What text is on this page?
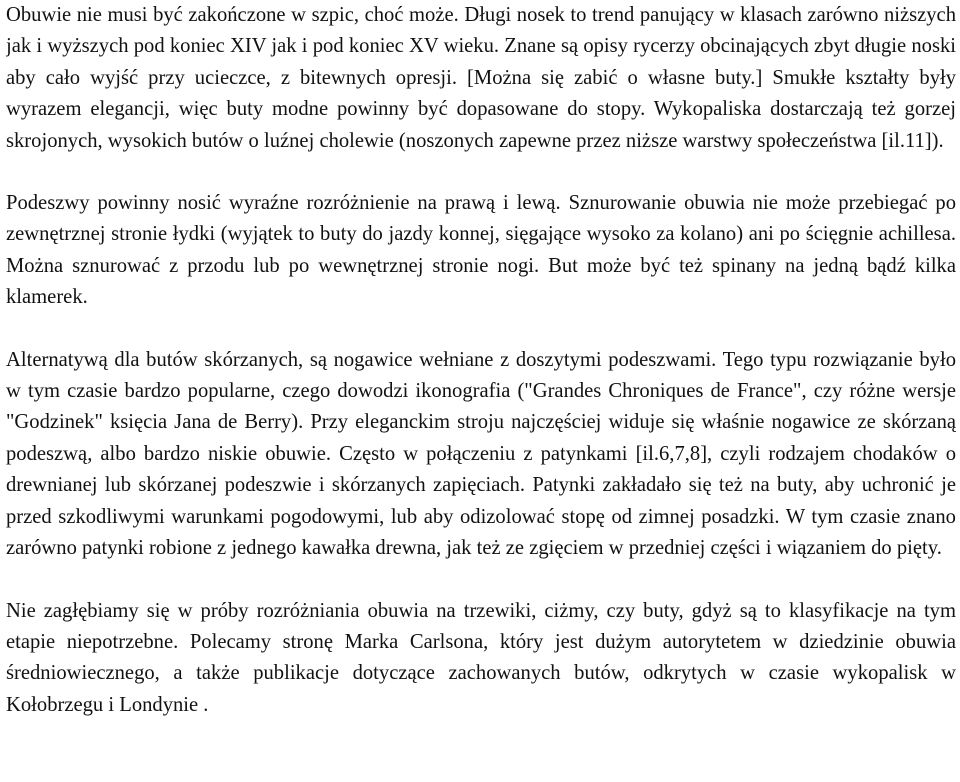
Obuwie nie musi być zakończone w szpic, choć może. Długi nosek to trend panujący w klasach zarówno niższych jak i wyższych pod koniec XIV jak i pod koniec XV wieku. Znane są opisy rycerzy obcinających zbyt długie noski aby cało wyjść przy ucieczce, z bitewnych opresji. [Można się zabić o własne buty.] Smukłe kształty były wyrazem elegancji, więc buty modne powinny być dopasowane do stopy. Wykopaliska dostarczają też gorzej skrojonych, wysokich butów o luźnej cholewie (noszonych zapewne przez niższe warstwy społeczeństwa [il.11]).

Podeszwy powinny nosić wyraźne rozróżnienie na prawą i lewą. Sznurowanie obuwia nie może przebiegać po zewnętrznej stronie łydki (wyjątek to buty do jazdy konnej, sięgające wysoko za kolano) ani po ścięgnie achillesa. Można sznurować z przodu lub po wewnętrznej stronie nogi. But może być też spinany na jedną bądź kilka klamerek.

Alternatywą dla butów skórzanych, są nogawice wełniane z doszytymi podeszwami. Tego typu rozwiązanie było w tym czasie bardzo popularne, czego dowodzi ikonografia ("Grandes Chroniques de France", czy różne wersje "Godzinek" księcia Jana de Berry). Przy eleganckim stroju najczęściej widuje się właśnie nogawice ze skórzaną podeszwą, albo bardzo niskie obuwie. Często w połączeniu z patynkami [il.6,7,8], czyli rodzajem chodaków o drewnianej lub skórzanej podeszwie i skórzanych zapięciach. Patynki zakładało się też na buty, aby uchronić je przed szkodliwymi warunkami pogodowymi, lub aby odizolować stopę od zimnej posadzki. W tym czasie znano zarówno patynki robione z jednego kawałka drewna, jak też ze zgięciem w przedniej części i wiązaniem do pięty.

Nie zagłębiamy się w próby rozróżniania obuwia na trzewiki, ciżmy, czy buty, gdyż są to klasyfikacje na tym etapie niepotrzebne. Polecamy stronę Marka Carlsona, który jest dużym autorytetem w dziedzinie obuwia średniowiecznego, a także publikacje dotyczące zachowanych butów, odkrytych w czasie wykopalisk w Kołobrzegu i Londynie .
